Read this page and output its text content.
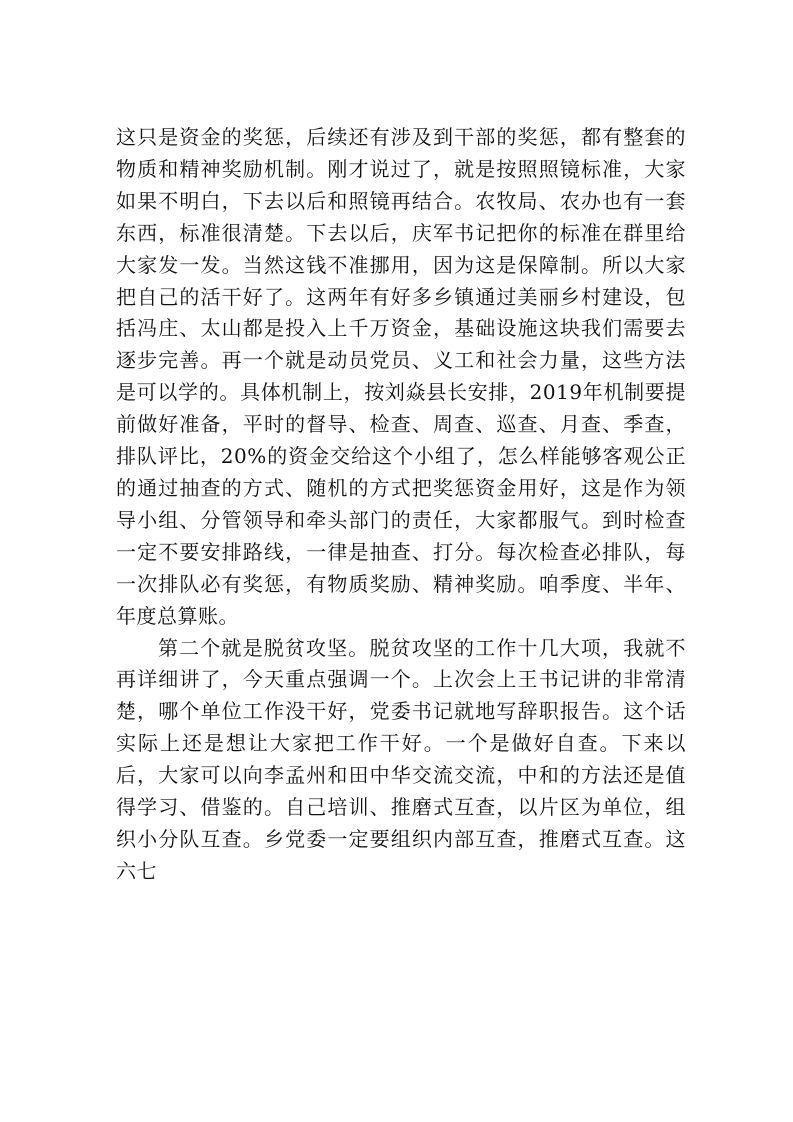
这只是资金的奖惩，后续还有涉及到干部的奖惩，都有整套的物质和精神奖励机制。刚才说过了，就是按照照镜标准，大家如果不明白，下去以后和照镜再结合。农牧局、农办也有一套东西，标准很清楚。下去以后，庆军书记把你的标准在群里给大家发一发。当然这钱不准挪用，因为这是保障制。所以大家把自己的活干好了。这两年有好多乡镇通过美丽乡村建设，包括冯庄、太山都是投入上千万资金，基础设施这块我们需要去逐步完善。再一个就是动员党员、义工和社会力量，这些方法是可以学的。具体机制上，按刘焱县长安排，2019年机制要提前做好准备，平时的督导、检查、周查、巡查、月查、季查，排队评比，20%的资金交给这个小组了，怎么样能够客观公正的通过抽查的方式、随机的方式把奖惩资金用好，这是作为领导小组、分管领导和牵头部门的责任，大家都服气。到时检查一定不要安排路线，一律是抽查、打分。每次检查必排队，每一次排队必有奖惩，有物质奖励、精神奖励。咱季度、半年、年度总算账。

第二个就是脱贫攻坚。脱贫攻坚的工作十几大项，我就不再详细讲了，今天重点强调一个。上次会上王书记讲的非常清楚，哪个单位工作没干好，党委书记就地写辞职报告。这个话实际上还是想让大家把工作干好。一个是做好自查。下来以后，大家可以向李孟州和田中华交流交流，中和的方法还是值得学习、借鉴的。自己培训、推磨式互查，以片区为单位，组织小分队互查。乡党委一定要组织内部互查，推磨式互查。这六七
